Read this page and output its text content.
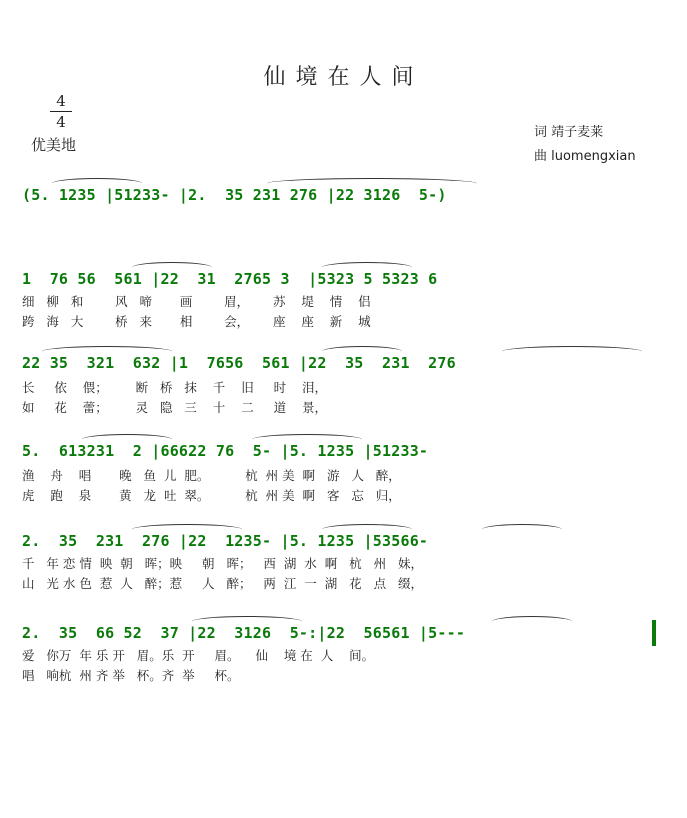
仙境在人间
4
4
优美地
词 靖子麦莱
曲 luomengxian
(5. 1235 |51233- |2.  35 231 276 |22 3126  5-)
1  76 56  561 |22  31  2765 3  |5323 5 5323 6
细   柳   和        风   啼       画        眉，      苏    堤    情    侣
跨   海   大        桥   来       相        会，      座    座    新    城
22 35  321  632 |1  7656  561 |22  35  231  276
长     依    偎；       断   桥   抹    千    旧     时    泪，
如     花    蕾；       灵   隐   三    十    二     道    景，
5.  613231  2 |66622 76  5- |5. 1235 |51233-
渔    舟    唱       晚   鱼  儿  肥。         杭  州 美  啊   游   人   醉，
虎    跑    泉       黄   龙  吐  翠。         杭  州 美  啊   客   忘   归，
2.  35  231  276 |22  1235- |5. 1235 |53566-
千   年 恋 情  映  朝   晖；映     朝   晖；   西  湖  水  啊   杭   州   妹，
山   光 水 色  惹  人   醉；惹     人   醉；   两  江  一  湖   花   点   缀，
2.  35  66 52  37 |22  3126  5-:|22  56561 |5---
爱   你万  年 乐 开   眉。乐  开     眉。    仙    境 在  人    间。
唱   响杭  州 齐 举   杯。齐  举     杯。
